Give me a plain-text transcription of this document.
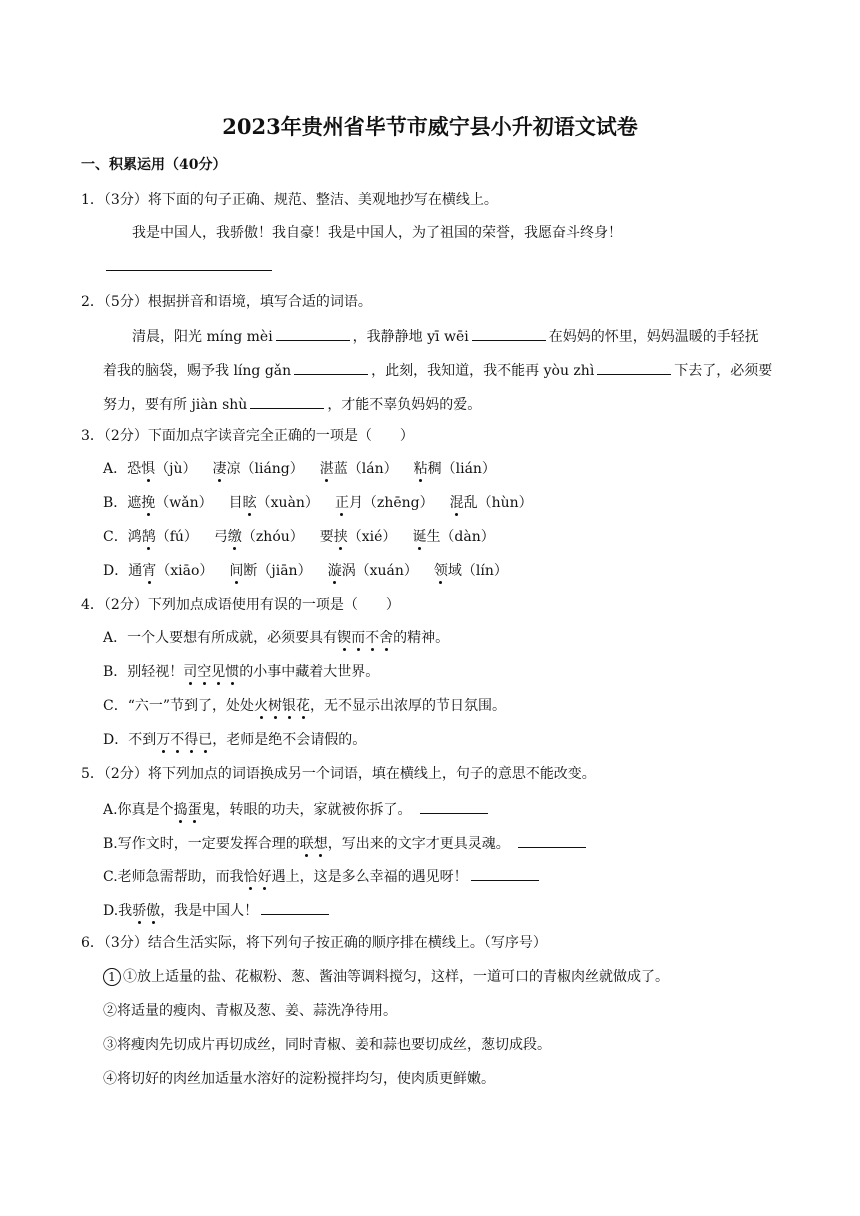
2023年贵州省毕节市威宁县小升初语文试卷
一、积累运用（40分）
1．（3分）将下面的句子正确、规范、整洁、美观地抄写在横线上。
我是中国人，我骄傲！我自豪！我是中国人，为了祖国的荣誉，我愿奋斗终身！
2．（5分）根据拼音和语境，填写合适的词语。
清晨，阳光 míng mèi	，我静静地 yī wēi	在妈妈的怀里，妈妈温暖的手轻抚
着我的脑袋，赐予我 líng gǎn	，此刻，我知道，我不能再 yòu zhì	下去了，必须要
努力，要有所 jiàn shù	，才能不辜负妈妈的爱。
3．（2分）下面加点字读音完全正确的一项是（　　）
A．恐惧（jù） 凄凉（liáng） 湛蓝（lán） 粘稠（lián）
B．遮挽（wǎn） 目眩（xuàn） 正月（zhēng） 混乱（hùn）
C．鸿鹄（fú） 弓缴（zhóu） 要挟（xié） 诞生（dàn）
D．通宵（xiāo） 间断（jiān） 漩涡（xuán） 领域（lín）
4．（2分）下列加点成语使用有误的一项是（　　）
A．一个人要想有所成就，必须要具有锲而不舍的精神。
B．别轻视！司空见惯的小事中藏着大世界。
C．“六一”节到了，处处火树银花，无不显示出浓厚的节日氛围。
D．不到万不得已，老师是绝不会请假的。
5．（2分）将下列加点的词语换成另一个词语，填在横线上，句子的意思不能改变。
A.你真是个捣蛋鬼，转眼的功夫，家就被你拆了。
B.写作文时，一定要发挥合理的联想，写出来的文字才更具灵魂。
C.老师急需帮助，而我恰好遇上，这是多么幸福的遇见呀！
D.我骄傲，我是中国人！
6．（3分）结合生活实际，将下列句子按正确的顺序排在横线上。（写序号）
1 ①放上适量的盐、花椒粉、葱、酱油等调料搅匀，这样，一道可口的青椒肉丝就做成了。
②将适量的瘦肉、青椒及葱、姜、蒜洗净待用。
③将瘦肉先切成片再切成丝，同时青椒、姜和蒜也要切成丝，葱切成段。
④将切好的肉丝加适量水溶好的淀粉搅拌均匀，使肉质更鲜嫩。
